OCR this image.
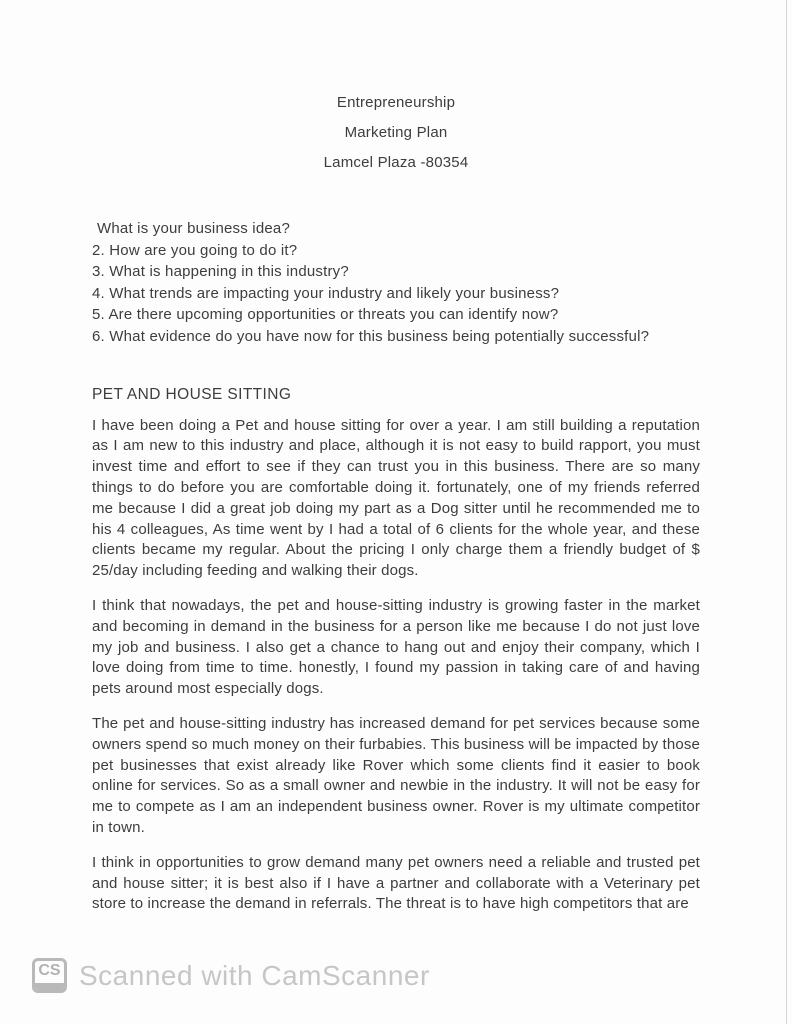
Entrepreneurship

Marketing Plan

Lamcel Plaza -80354

What is your business idea?

2. How are you going to do it?

3. What is happening in this industry?

4. What trends are impacting your industry and likely your business?

5. Are there upcoming opportunities or threats you can identify now?

6. What evidence do you have now for this business being potentially successful?

PET AND HOUSE SITTING

I have been doing a Pet and house sitting for over a year. I am still building a reputation as I am new to this industry and place, although it is not easy to build rapport, you must invest time and effort to see if they can trust you in this business. There are so many things to do before you are comfortable doing it. fortunately, one of my friends referred me because I did a great job doing my part as a Dog sitter until he recommended me to his 4 colleagues, As time went by I had a total of 6 clients for the whole year, and these clients became my regular. About the pricing I only charge them a friendly budget of $ 25/day including feeding and walking their dogs.

I think that nowadays, the pet and house-sitting industry is growing faster in the market and becoming in demand in the business for a person like me because I do not just love my job and business. I also get a chance to hang out and enjoy their company, which I love doing from time to time. honestly, I found my passion in taking care of and having pets around most especially dogs.

The pet and house-sitting industry has increased demand for pet services because some owners spend so much money on their furbabies. This business will be impacted by those pet businesses that exist already like Rover which some clients find it easier to book online for services. So as a small owner and newbie in the industry. It will not be easy for me to compete as I am an independent business owner. Rover is my ultimate competitor in town.

I think in opportunities to grow demand many pet owners need a reliable and trusted pet and house sitter; it is best also if I have a partner and collaborate with a Veterinary pet store to increase the demand in referrals. The threat is to have high competitors that are

CS Scanned with CamScanner
